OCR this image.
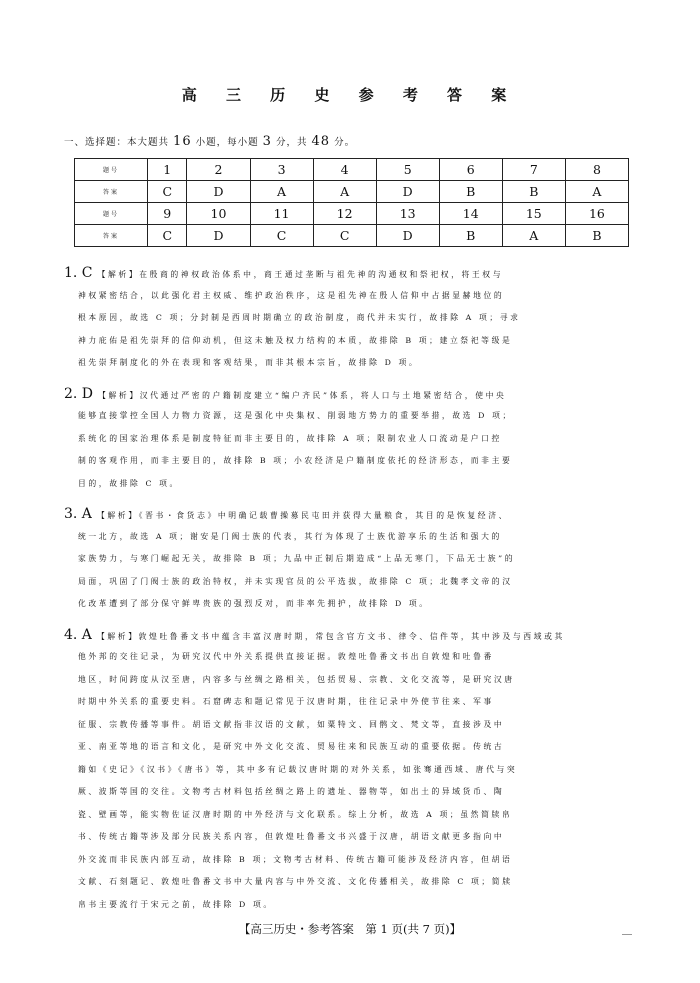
高 三 历 史 参 考 答 案
一、选择题：本大题共 16 小题，每小题 3 分，共 48 分。
题号	1	2	3	4	5	6	7	8
答案	C	D	A	A	D	B	B	A
题号	9	10	11	12	13	14	15	16
答案	C	D	C	C	D	B	A	B
1. C 【解析】在殷商的神权政治体系中，商王通过垄断与祖先神的沟通权和祭祀权，将王权与
神权紧密结合，以此强化君主权威、维护政治秩序，这是祖先神在殷人信仰中占据显赫地位的
根本原因，故选 C 项；分封制是西周时期确立的政治制度，商代并未实行，故排除 A 项；寻求
神力庇佑是祖先崇拜的信仰动机，但这未触及权力结构的本质，故排除 B 项；建立祭祀等级是
祖先崇拜制度化的外在表现和客观结果，而非其根本宗旨，故排除 D 项。
2. D 【解析】汉代通过严密的户籍制度建立“编户齐民”体系，将人口与土地紧密结合，使中央
能够直接掌控全国人力物力资源，这是强化中央集权、削弱地方势力的重要举措，故选 D 项；
系统化的国家治理体系是制度特征而非主要目的，故排除 A 项；限制农业人口流动是户口控
制的客观作用，而非主要目的，故排除 B 项；小农经济是户籍制度依托的经济形态，而非主要
目的，故排除 C 项。
3. A 【解析】《晋书・食货志》中明确记载曹操募民屯田并获得大量粮食，其目的是恢复经济、
统一北方，故选 A 项；谢安是门阀士族的代表，其行为体现了士族优游享乐的生活和强大的
家族势力，与寒门崛起无关，故排除 B 项；九品中正制后期造成“上品无寒门，下品无士族”的
局面，巩固了门阀士族的政治特权，并未实现官员的公平选拔，故排除 C 项；北魏孝文帝的汉
化改革遭到了部分保守鲜卑贵族的强烈反对，而非率先拥护，故排除 D 项。
4. A 【解析】敦煌吐鲁番文书中蕴含丰富汉唐时期，常包含官方文书、律令、信件等，其中涉及与西域或其
他外邦的交往记录，为研究汉代中外关系提供直接证据。敦煌吐鲁番文书出自敦煌和吐鲁番
地区，时间跨度从汉至唐，内容多与丝绸之路相关，包括贸易、宗教、文化交流等，是研究汉唐
时期中外关系的重要史料。石窟碑志和题记常见于汉唐时期，往往记录中外使节往来、军事
征服、宗教传播等事件。胡语文献指非汉语的文献，如粟特文、回鹘文、梵文等，直接涉及中
亚、南亚等地的语言和文化，是研究中外文化交流、贸易往来和民族互动的重要依据。传统古
籍如《史记》《汉书》《唐书》等，其中多有记载汉唐时期的对外关系，如张骞通西域、唐代与突
厥、波斯等国的交往。文物考古材料包括丝绸之路上的遗址、器物等，如出土的异域货币、陶
瓷、壁画等，能实物佐证汉唐时期的中外经济与文化联系。综上分析，故选 A 项；虽然简牍帛
书、传统古籍等涉及部分民族关系内容，但敦煌吐鲁番文书兴盛于汉唐，胡语文献更多指向中
外交流而非民族内部互动，故排除 B 项；文物考古材料、传统古籍可能涉及经济内容，但胡语
文献、石刻题记、敦煌吐鲁番文书中大量内容与中外交流、文化传播相关，故排除 C 项；简牍
帛书主要流行于宋元之前，故排除 D 项。
【高三历史・参考答案　第 1 页(共 7 页)】
